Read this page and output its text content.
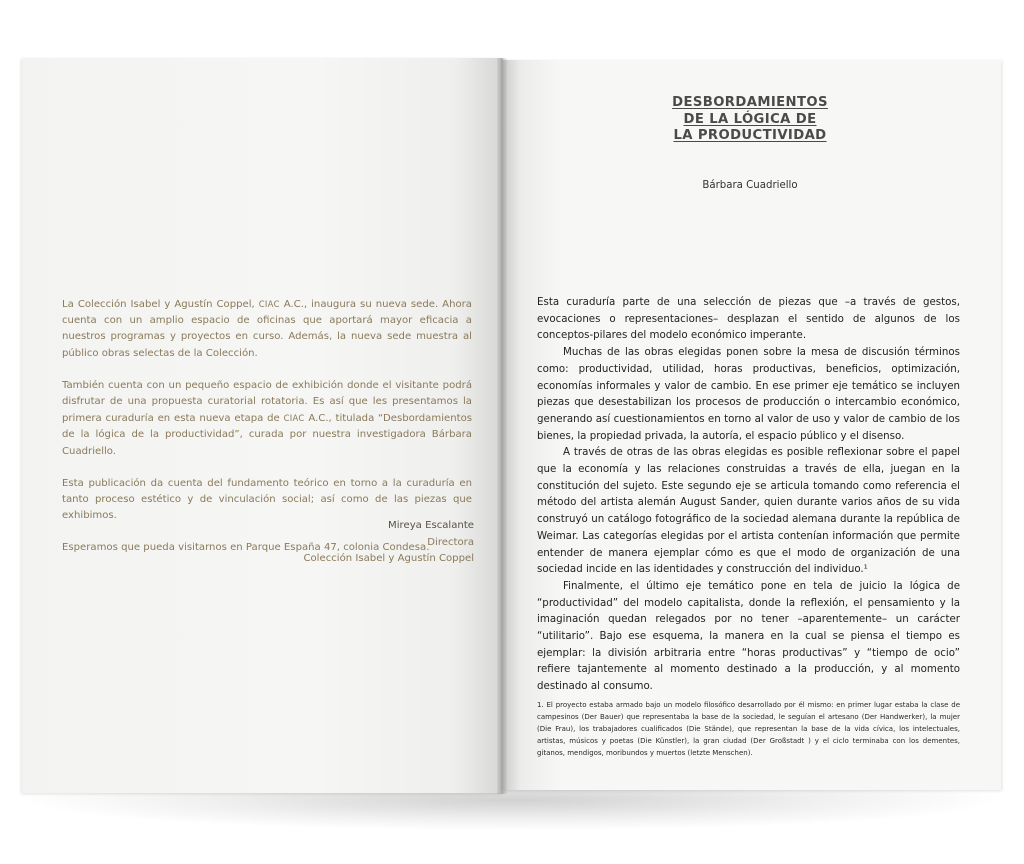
La Colección Isabel y Agustín Coppel, CIAC A.C., inaugura su nueva sede. Ahora cuenta con un amplio espacio de oficinas que aportará mayor eficacia a nuestros programas y proyectos en curso. Además, la nueva sede muestra al público obras selectas de la Colección.

También cuenta con un pequeño espacio de exhibición donde el visitante podrá disfrutar de una propuesta curatorial rotatoria. Es así que les presentamos la primera curaduría en esta nueva etapa de CIAC A.C., titulada “Desbordamientos de la lógica de la productividad”, curada por nuestra investigadora Bárbara Cuadriello.

Esta publicación da cuenta del fundamento teórico en torno a la curaduría en tanto proceso estético y de vinculación social; así como de las piezas que exhibimos.

Esperamos que pueda visitarnos en Parque España 47, colonia Condesa.

Mireya Escalante
Directora
Colección Isabel y Agustín Coppel
DESBORDAMIENTOS
DE LA LÓGICA DE
LA PRODUCTIVIDAD
Bárbara Cuadriello

Esta curaduría parte de una selección de piezas que –a través de gestos, evocaciones o representaciones– desplazan el sentido de algunos de los conceptos-pilares del modelo económico imperante.

Muchas de las obras elegidas ponen sobre la mesa de discusión términos como: productividad, utilidad, horas productivas, beneficios, optimización, economías informales y valor de cambio. En ese primer eje temático se incluyen piezas que desestabilizan los procesos de producción o intercambio económico, generando así cuestionamientos en torno al valor de uso y valor de cambio de los bienes, la propiedad privada, la autoría, el espacio público y el disenso.

A través de otras de las obras elegidas es posible reflexionar sobre el papel que la economía y las relaciones construidas a través de ella, juegan en la constitución del sujeto. Este segundo eje se articula tomando como referencia el método del artista alemán August Sander, quien durante varios años de su vida construyó un catálogo fotográfico de la sociedad alemana durante la república de Weimar. Las categorías elegidas por el artista contenían información que permite entender de manera ejemplar cómo es que el modo de organización de una sociedad incide en las identidades y construcción del individuo.¹

Finalmente, el último eje temático pone en tela de juicio la lógica de “productividad” del modelo capitalista, donde la reflexión, el pensamiento y la imaginación quedan relegados por no tener –aparentemente– un carácter “utilitario”. Bajo ese esquema, la manera en la cual se piensa el tiempo es ejemplar: la división arbitraria entre “horas productivas” y “tiempo de ocio” refiere tajantemente al momento destinado a la producción, y al momento destinado al consumo.

1. El proyecto estaba armado bajo un modelo filosófico desarrollado por él mismo: en primer lugar estaba la clase de campesinos (Der Bauer) que representaba la base de la sociedad, le seguían el artesano (Der Handwerker), la mujer (Die Frau), los trabajadores cualificados (Die Stände), que representan la base de la vida cívica, los intelectuales, artistas, músicos y poetas (Die Künstler), la gran ciudad (Der Großstadt ) y el ciclo terminaba con los dementes, gitanos, mendigos, moribundos y muertos (letzte Menschen).
